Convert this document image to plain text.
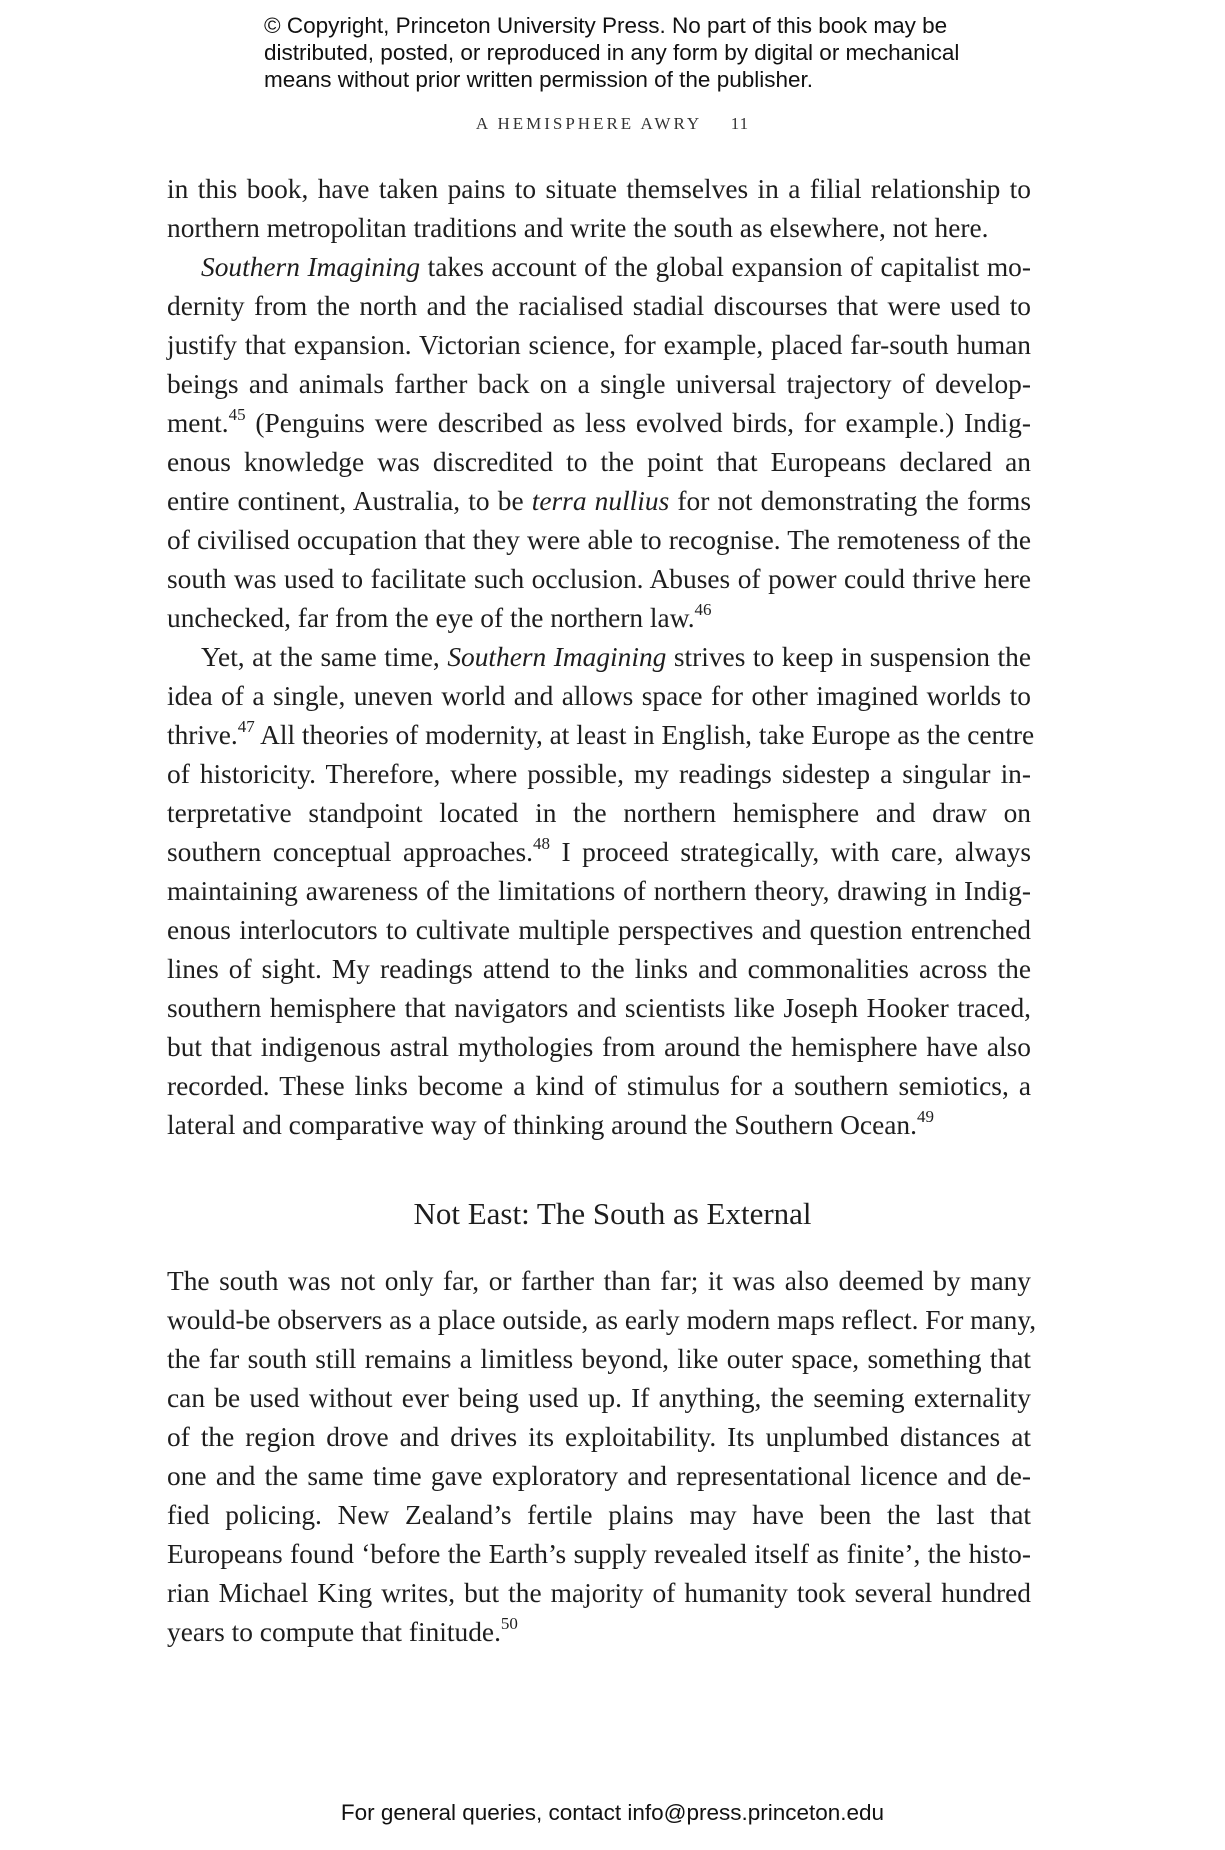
© Copyright, Princeton University Press. No part of this book may be
distributed, posted, or reproduced in any form by digital or mechanical
means without prior written permission of the publisher.
A HEMISPHERE AWRY 11
in this book, have taken pains to situate themselves in a filial relationship to
northern metropolitan traditions and write the south as elsewhere, not here.
Southern Imagining takes account of the global expansion of capitalist mo-
dernity from the north and the racialised stadial discourses that were used to
justify that expansion. Victorian science, for example, placed far-south human
beings and animals farther back on a single universal trajectory of develop-
ment.$^{45}$ (Penguins were described as less evolved birds, for example.) Indig-
enous knowledge was discredited to the point that Europeans declared an
entire continent, Australia, to be terra nullius for not demonstrating the forms
of civilised occupation that they were able to recognise. The remoteness of the
south was used to facilitate such occlusion. Abuses of power could thrive here
unchecked, far from the eye of the northern law.$^{46}$
Yet, at the same time, Southern Imagining strives to keep in suspension the
idea of a single, uneven world and allows space for other imagined worlds to
thrive.$^{47}$ All theories of modernity, at least in English, take Europe as the centre
of historicity. Therefore, where possible, my readings sidestep a singular in-
terpretative standpoint located in the northern hemisphere and draw on
southern conceptual approaches.$^{48}$ I proceed strategically, with care, always
maintaining awareness of the limitations of northern theory, drawing in Indig-
enous interlocutors to cultivate multiple perspectives and question entrenched
lines of sight. My readings attend to the links and commonalities across the
southern hemisphere that navigators and scientists like Joseph Hooker traced,
but that indigenous astral mythologies from around the hemisphere have also
recorded. These links become a kind of stimulus for a southern semiotics, a
lateral and comparative way of thinking around the Southern Ocean.$^{49}$
Not East: The South as External
The south was not only far, or farther than far; it was also deemed by many
would-be observers as a place outside, as early modern maps reflect. For many,
the far south still remains a limitless beyond, like outer space, something that
can be used without ever being used up. If anything, the seeming externality
of the region drove and drives its exploitability. Its unplumbed distances at
one and the same time gave exploratory and representational licence and de-
fied policing. New Zealand’s fertile plains may have been the last that
Europeans found ‘before the Earth’s supply revealed itself as finite’, the histo-
rian Michael King writes, but the majority of humanity took several hundred
years to compute that finitude.$^{50}$
For general queries, contact info@press.princeton.edu
